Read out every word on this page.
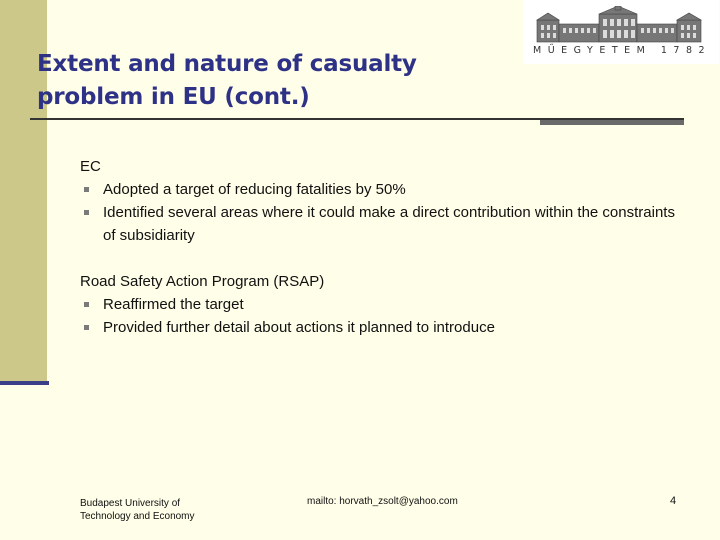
Extent and nature of casualty
problem in EU (cont.)
MŰEGYETEM 1782
EC
Adopted a target of reducing fatalities by 50%
Identified several areas where it could make a direct contribution within the constraints of subsidiarity
Road Safety Action Program (RSAP)
Reaffirmed the target
Provided further detail about actions it planned to introduce
Budapest University of
Technology and Economy
mailto: horvath_zsolt@yahoo.com	4
